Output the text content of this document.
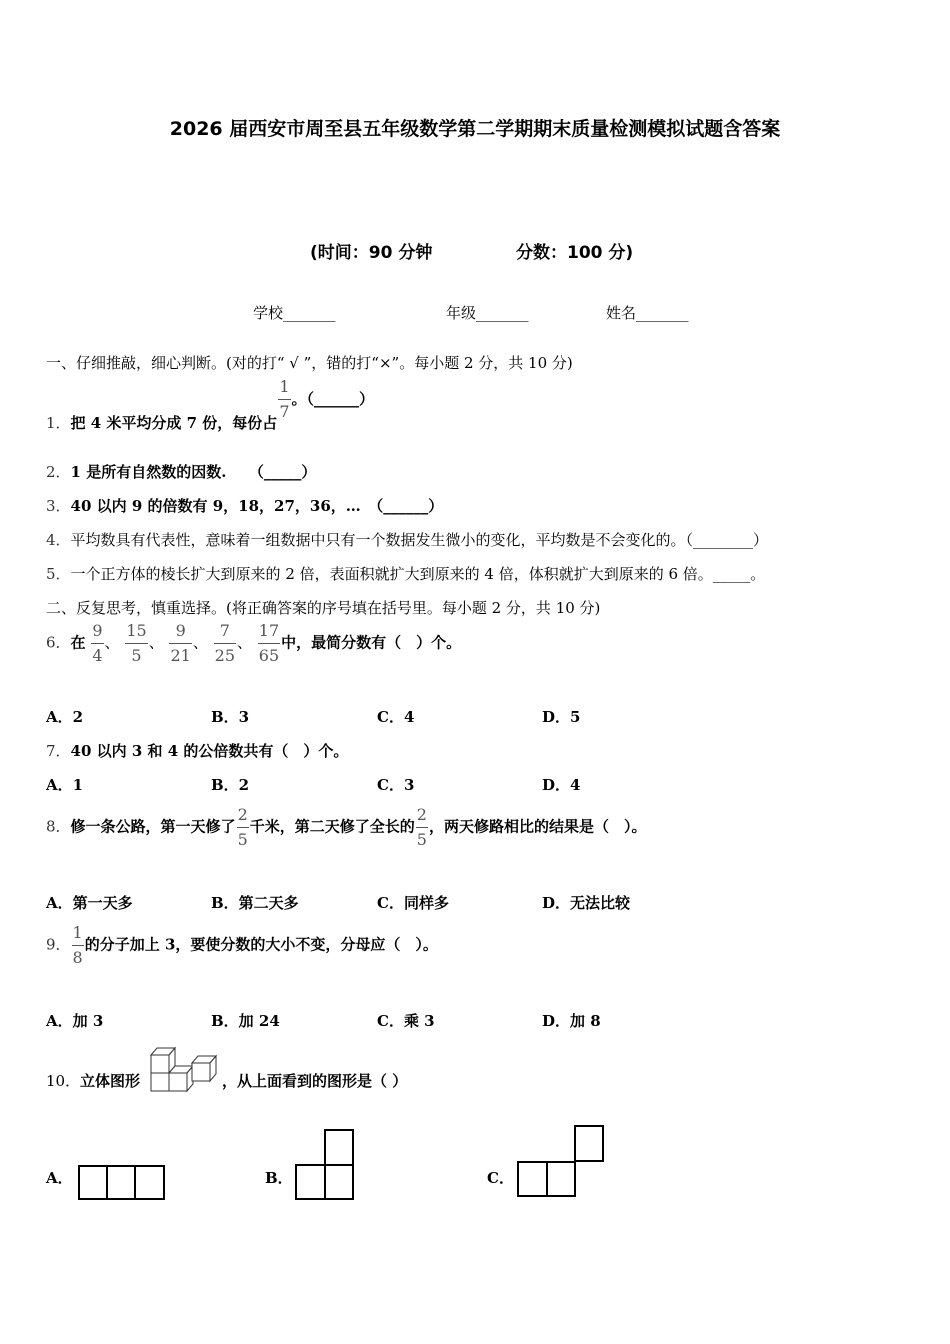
2026 届西安市周至县五年级数学第二学期期末质量检测模拟试题含答案
(时间：90 分钟	分数：100 分)
学校_______	年级_______	姓名_______
一、仔细推敲，细心判断。(对的打“ √ ”，错的打“×”。每小题 2 分，共 10 分)
1．把 4 米平均分成 7 份，每份占
$\frac{1}{7}$ 。（______）
2．1 是所有自然数的因数.　　（_____）
3．40 以内 9 的倍数有 9，18，27，36，…　（______）
4．平均数具有代表性，意味着一组数据中只有一个数据发生微小的变化，平均数是不会变化的。（________）
5．一个正方体的棱长扩大到原来的 2 倍，表面积就扩大到原来的 4 倍，体积就扩大到原来的 6 倍。_____。
二、反复思考，慎重选择。(将正确答案的序号填在括号里。每小题 2 分，共 10 分)
6．在 $\frac{9}{4}$ 、 $\frac{15}{5}$ 、 $\frac{9}{21}$ 、 $\frac{7}{25}$ 、 $\frac{17}{65}$ 中，最简分数有（　）个。
A．2	B．3	C．4	D．5
7．40 以内 3 和 4 的公倍数共有（　）个。
A．1	B．2	C．3	D．4
8．修一条公路，第一天修了 $\frac{2}{5}$ 千米，第二天修了全长的 $\frac{2}{5}$ ，两天修路相比的结果是（　）。
A．第一天多	B．第二天多	C．同样多	D．无法比较
9． $\frac{1}{8}$ 的分子加上 3，要使分数的大小不变，分母应（　）。
A．加 3	B．加 24	C．乘 3	D．加 8
10． 立体图形	，从上面看到的图形是（ ）
A．	B．	C．
